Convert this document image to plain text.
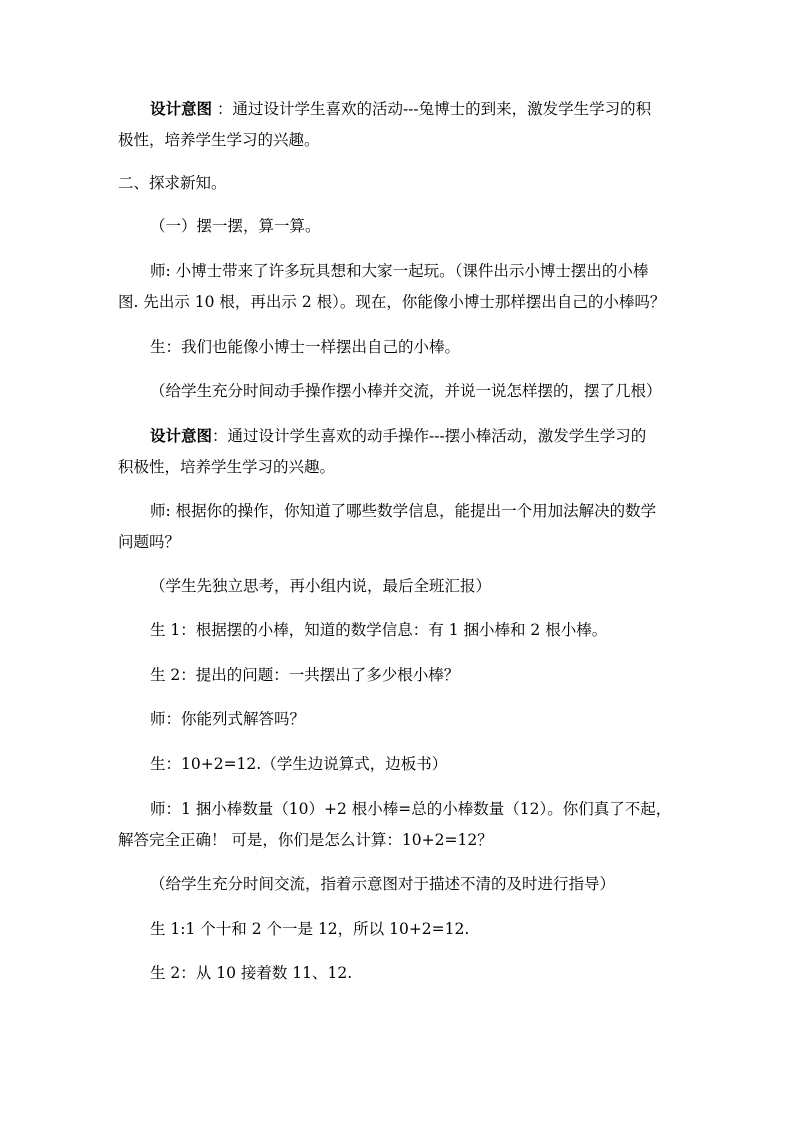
设计意图 ：通过设计学生喜欢的活动---兔博士的到来，激发学生学习的积
极性，培养学生学习的兴趣。
二、探求新知。
（一）摆一摆，算一算。
师: 小博士带来了许多玩具想和大家一起玩。（课件出示小博士摆出的小棒
图. 先出示 10 根，再出示 2 根）。现在，你能像小博士那样摆出自己的小棒吗？
生：我们也能像小博士一样摆出自己的小棒。
（给学生充分时间动手操作摆小棒并交流，并说一说怎样摆的，摆了几根）
设计意图：通过设计学生喜欢的动手操作---摆小棒活动，激发学生学习的
积极性，培养学生学习的兴趣。
师: 根据你的操作，你知道了哪些数学信息，能提出一个用加法解决的数学
问题吗？
（学生先独立思考，再小组内说，最后全班汇报）
生 1：根据摆的小棒，知道的数学信息：有 1 捆小棒和 2 根小棒。
生 2：提出的问题：一共摆出了多少根小棒？
师：你能列式解答吗？
生：10+2=12.（学生边说算式，边板书）
师：1 捆小棒数量（10）+2 根小棒=总的小棒数量（12）。你们真了不起，
解答完全正确！ 可是，你们是怎么计算：10+2=12？
（给学生充分时间交流，指着示意图对于描述不清的及时进行指导）
生 1:1 个十和 2 个一是 12，所以 10+2=12.
生 2：从 10 接着数 11、12.
